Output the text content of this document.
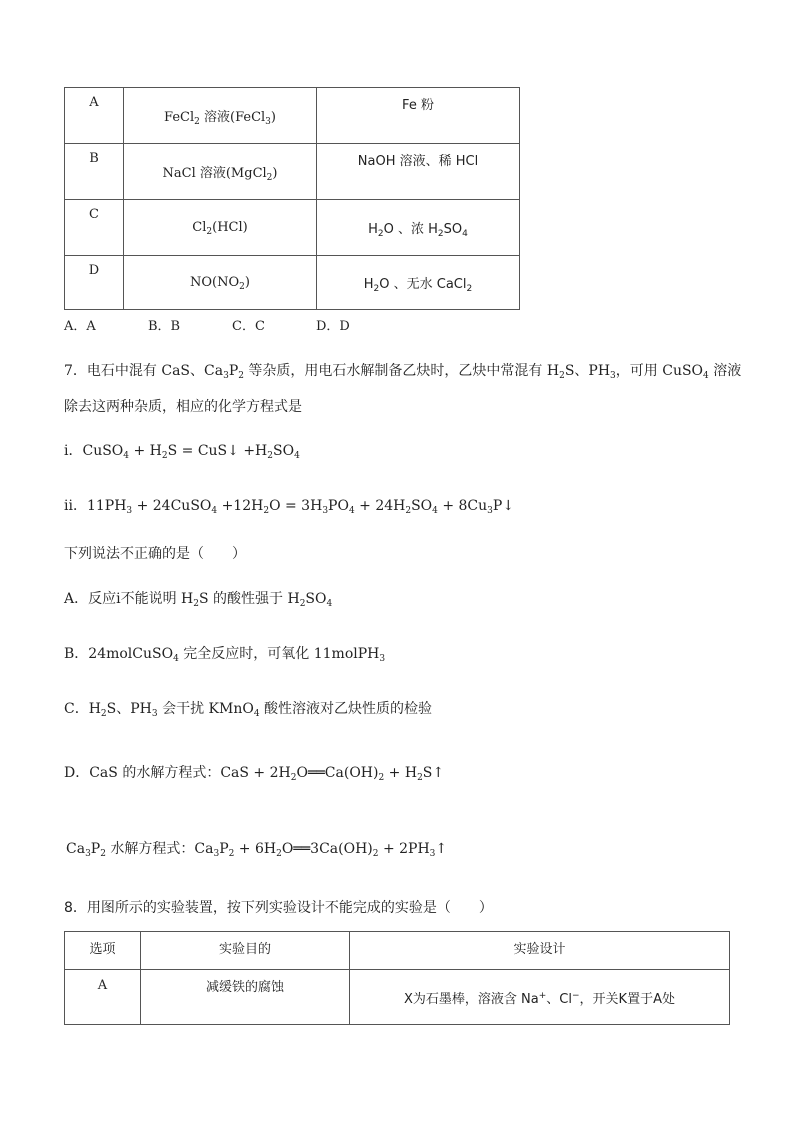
A	FeCl$_2$ 溶液(FeCl$_3$)	Fe 粉
B	NaCl 溶液(MgCl$_2$)	NaOH 溶液、稀 HCl
C	$Cl_2(HCl)$	$H_2O$ 、浓 $H_2SO_4$
D	$NO(NO_2)$	$H_2O$ 、无水 CaCl$_2$
A．A	B．B	C．C	D．D
7．电石中混有 CaS、$Ca_3P_2$ 等杂质，用电石水解制备乙炔时，乙炔中常混有 $H_2S$、$PH_3$，可用 CuSO$_4$ 溶液
除去这两种杂质，相应的化学方程式是
i．CuSO$_4$ + $H_2S$ = CuS↓ $+H_2SO_4$
ii．$11PH_3$ + 24CuSO$_4$ $+12H_2O = 3H_3PO_4 + 24H_2SO_4$ + $8Cu_3P↓$
下列说法不正确的是（　　）
A．反应i不能说明 $H_2S$ 的酸性强于 $H_2SO_4$
B．24molCuSO$_4$ 完全反应时，可氧化 11molPH$_3$
C．$H_2S$、$PH_3$ 会干扰 KMnO$_4$ 酸性溶液对乙炔性质的检验
D．CaS 的水解方程式：CaS + $2H_2O══Ca(OH)_2$ + $H_2S↑$
$Ca_3P_2$ 水解方程式：$Ca_3P_2$ + $6H_2O══3Ca(OH)_2$ + $2PH_3↑$
8．用图所示的实验装置，按下列实验设计不能完成的实验是（　　）
选项	实验目的	实验设计
A	减缓铁的腐蚀	X为石墨棒，溶液含 Na+、Cl−，开关K置于A处
